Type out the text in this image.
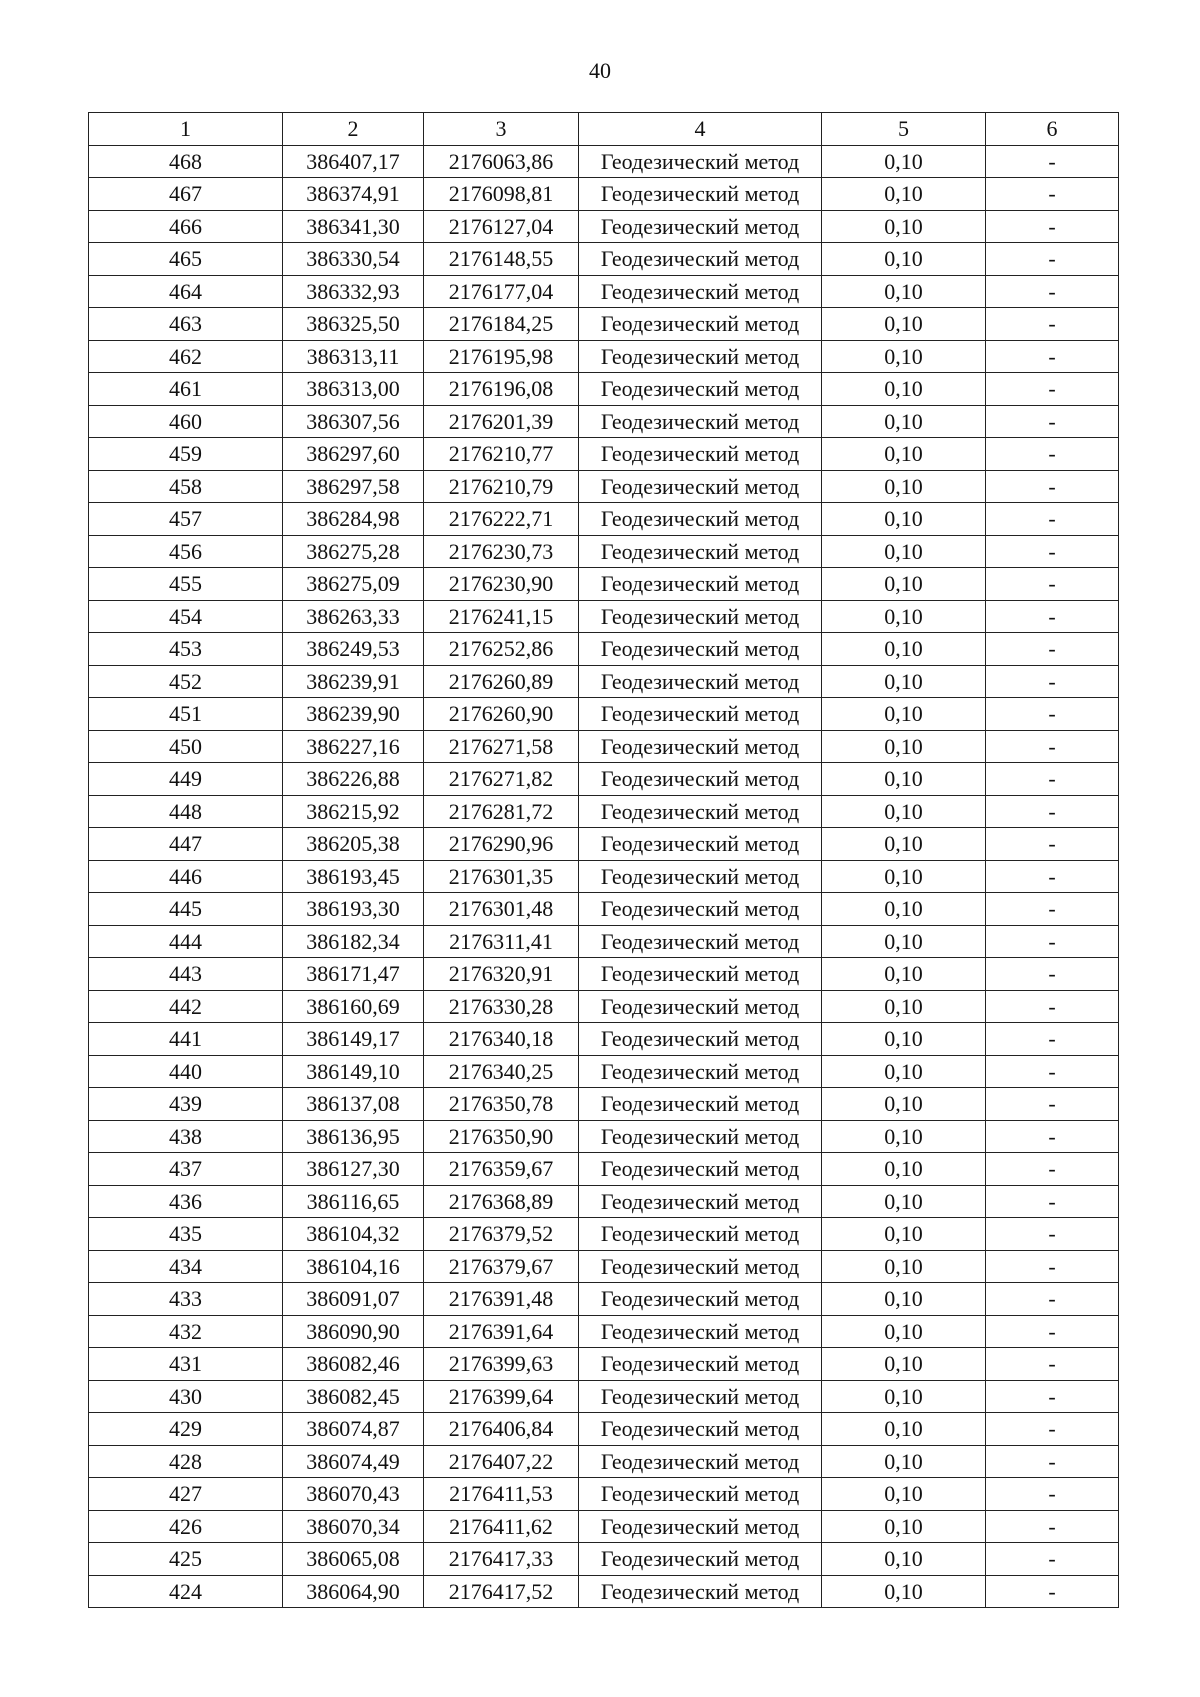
40
1	2	3	4	5	6
468	386407,17	2176063,86	Геодезический метод	0,10	-
467	386374,91	2176098,81	Геодезический метод	0,10	-
466	386341,30	2176127,04	Геодезический метод	0,10	-
465	386330,54	2176148,55	Геодезический метод	0,10	-
464	386332,93	2176177,04	Геодезический метод	0,10	-
463	386325,50	2176184,25	Геодезический метод	0,10	-
462	386313,11	2176195,98	Геодезический метод	0,10	-
461	386313,00	2176196,08	Геодезический метод	0,10	-
460	386307,56	2176201,39	Геодезический метод	0,10	-
459	386297,60	2176210,77	Геодезический метод	0,10	-
458	386297,58	2176210,79	Геодезический метод	0,10	-
457	386284,98	2176222,71	Геодезический метод	0,10	-
456	386275,28	2176230,73	Геодезический метод	0,10	-
455	386275,09	2176230,90	Геодезический метод	0,10	-
454	386263,33	2176241,15	Геодезический метод	0,10	-
453	386249,53	2176252,86	Геодезический метод	0,10	-
452	386239,91	2176260,89	Геодезический метод	0,10	-
451	386239,90	2176260,90	Геодезический метод	0,10	-
450	386227,16	2176271,58	Геодезический метод	0,10	-
449	386226,88	2176271,82	Геодезический метод	0,10	-
448	386215,92	2176281,72	Геодезический метод	0,10	-
447	386205,38	2176290,96	Геодезический метод	0,10	-
446	386193,45	2176301,35	Геодезический метод	0,10	-
445	386193,30	2176301,48	Геодезический метод	0,10	-
444	386182,34	2176311,41	Геодезический метод	0,10	-
443	386171,47	2176320,91	Геодезический метод	0,10	-
442	386160,69	2176330,28	Геодезический метод	0,10	-
441	386149,17	2176340,18	Геодезический метод	0,10	-
440	386149,10	2176340,25	Геодезический метод	0,10	-
439	386137,08	2176350,78	Геодезический метод	0,10	-
438	386136,95	2176350,90	Геодезический метод	0,10	-
437	386127,30	2176359,67	Геодезический метод	0,10	-
436	386116,65	2176368,89	Геодезический метод	0,10	-
435	386104,32	2176379,52	Геодезический метод	0,10	-
434	386104,16	2176379,67	Геодезический метод	0,10	-
433	386091,07	2176391,48	Геодезический метод	0,10	-
432	386090,90	2176391,64	Геодезический метод	0,10	-
431	386082,46	2176399,63	Геодезический метод	0,10	-
430	386082,45	2176399,64	Геодезический метод	0,10	-
429	386074,87	2176406,84	Геодезический метод	0,10	-
428	386074,49	2176407,22	Геодезический метод	0,10	-
427	386070,43	2176411,53	Геодезический метод	0,10	-
426	386070,34	2176411,62	Геодезический метод	0,10	-
425	386065,08	2176417,33	Геодезический метод	0,10	-
424	386064,90	2176417,52	Геодезический метод	0,10	-
